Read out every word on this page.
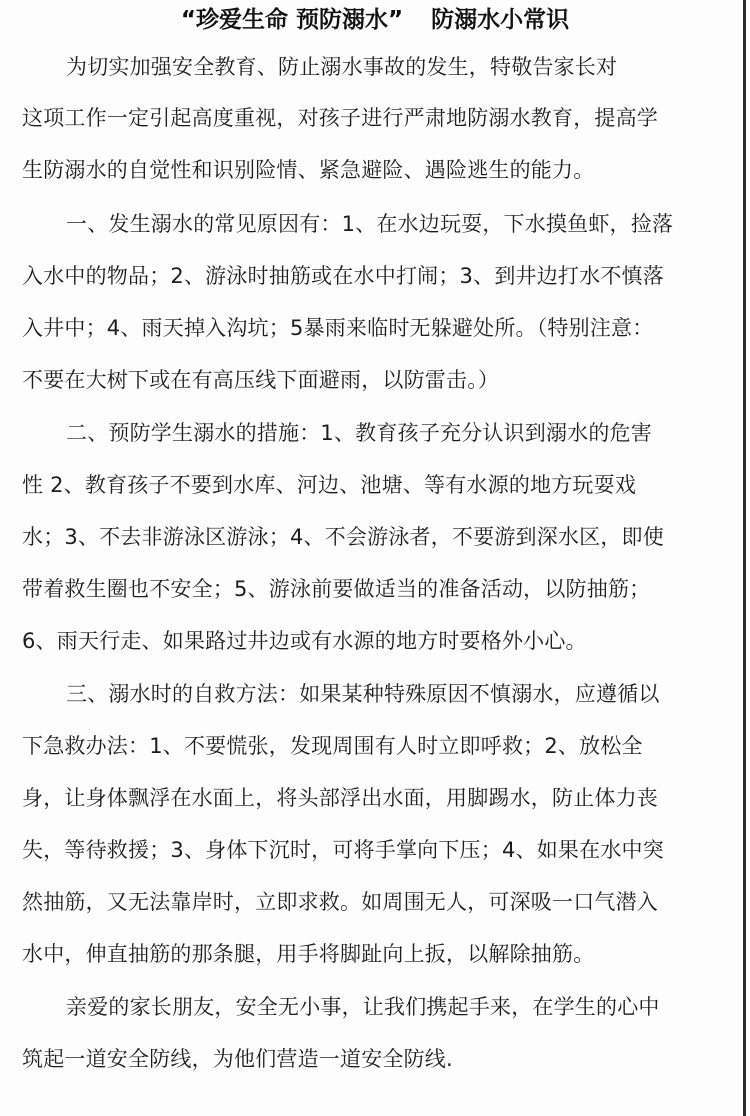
“珍爱生命 预防溺水” 防溺水小常识
为切实加强安全教育、防止溺水事故的发生，特敬告家长对
这项工作一定引起高度重视，对孩子进行严肃地防溺水教育，提高学
生防溺水的自觉性和识别险情、紧急避险、遇险逃生的能力。
一、发生溺水的常见原因有：1、在水边玩耍，下水摸鱼虾，捡落
入水中的物品；2、游泳时抽筋或在水中打闹；3、到井边打水不慎落
入井中；4、雨天掉入沟坑；5暴雨来临时无躲避处所。（特别注意：
不要在大树下或在有高压线下面避雨，以防雷击。）
二、预防学生溺水的措施：1、教育孩子充分认识到溺水的危害
性 2、教育孩子不要到水库、河边、池塘、等有水源的地方玩耍戏
水；3、不去非游泳区游泳；4、不会游泳者，不要游到深水区，即使
带着救生圈也不安全；5、游泳前要做适当的准备活动，以防抽筋；
6、雨天行走、如果路过井边或有水源的地方时要格外小心。
三、溺水时的自救方法：如果某种特殊原因不慎溺水，应遵循以
下急救办法：1、不要慌张，发现周围有人时立即呼救；2、放松全
身，让身体飘浮在水面上，将头部浮出水面，用脚踢水，防止体力丧
失，等待救援；3、身体下沉时，可将手掌向下压；4、如果在水中突
然抽筋，又无法靠岸时，立即求救。如周围无人，可深吸一口气潜入
水中，伸直抽筋的那条腿，用手将脚趾向上扳，以解除抽筋。
亲爱的家长朋友，安全无小事，让我们携起手来，在学生的心中
筑起一道安全防线，为他们营造一道安全防线.
